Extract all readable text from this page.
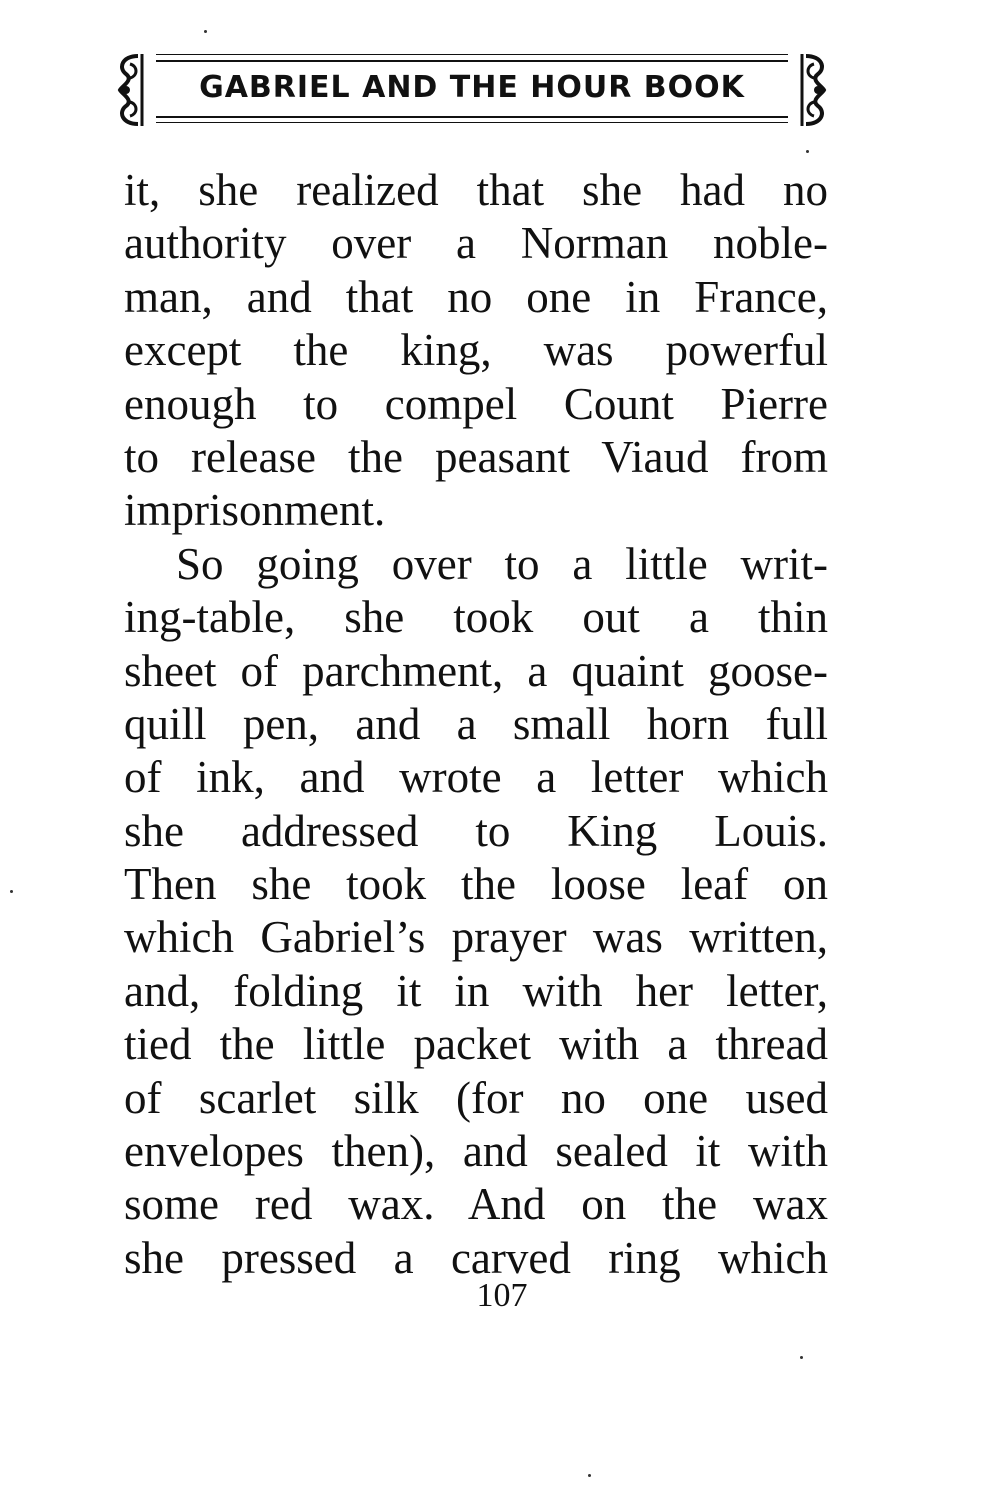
GABRIEL AND THE HOUR BOOK
it, she realized that she had no
authority over a Norman noble-
man, and that no one in France,
except the king, was powerful
enough to compel Count Pierre
to release the peasant Viaud from
imprisonment.
So going over to a little writ-
ing-table, she took out a thin
sheet of parchment, a quaint goose-
quill pen, and a small horn full
of ink, and wrote a letter which
she addressed to King Louis.
Then she took the loose leaf on
which Gabriel’s prayer was written,
and, folding it in with her letter,
tied the little packet with a thread
of scarlet silk (for no one used
envelopes then), and sealed it with
some red wax. And on the wax
she pressed a carved ring which
107
